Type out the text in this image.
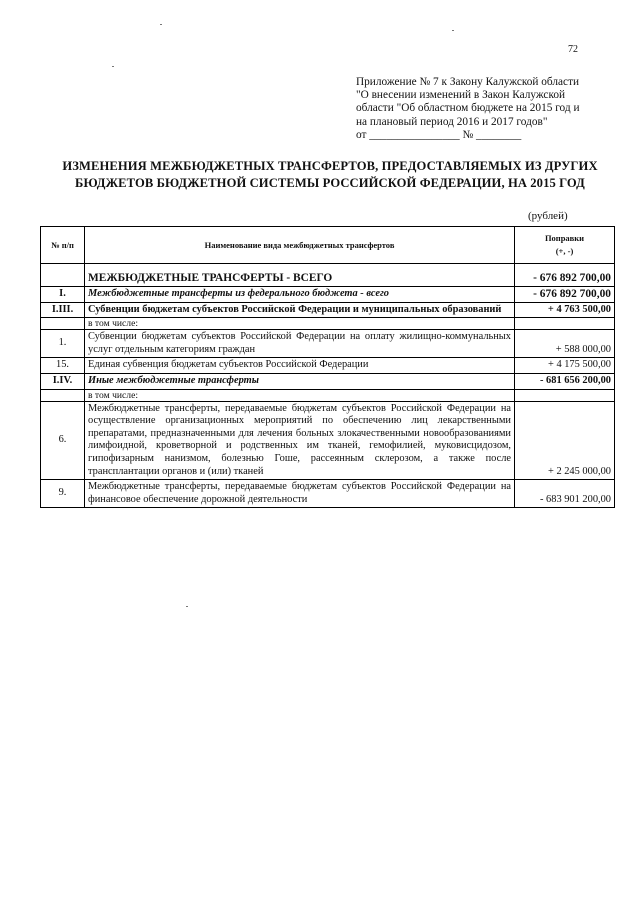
72
Приложение № 7 к Закону Калужской области
"О внесении изменений в Закон Калужской
области "Об областном бюджете на 2015 год и
на плановый период 2016 и 2017 годов"
от ________________ № ________
ИЗМЕНЕНИЯ МЕЖБЮДЖЕТНЫХ ТРАНСФЕРТОВ, ПРЕДОСТАВЛЯЕМЫХ ИЗ ДРУГИХ
БЮДЖЕТОВ БЮДЖЕТНОЙ СИСТЕМЫ РОССИЙСКОЙ ФЕДЕРАЦИИ, НА 2015 ГОД
(рублей)
№ п/п	Наименование вида межбюджетных трансфертов	Поправки
(+, -)

	МЕЖБЮДЖЕТНЫЕ ТРАНСФЕРТЫ - ВСЕГО	- 676 892 700,00
I.	Межбюджетные трансферты из федерального бюджета - всего	- 676 892 700,00
I.III.	Субвенции бюджетам субъектов Российской Федерации и муниципальных образований	+ 4 763 500,00
	в том числе:	
1.	Субвенции бюджетам субъектов Российской Федерации на оплату жилищно-коммунальных услуг отдельным категориям граждан	+ 588 000,00
15.	Единая субвенция бюджетам субъектов Российской Федерации	+ 4 175 500,00
I.IV.	Иные межбюджетные трансферты	- 681 656 200,00
	в том числе:	
6.	Межбюджетные трансферты, передаваемые бюджетам субъектов Российской Федерации на осуществление организационных мероприятий по обеспечению лиц лекарственными препаратами, предназначенными для лечения больных злокачественными новообразованиями лимфоидной, кроветворной и родственных им тканей, гемофилией, муковисцидозом, гипофизарным нанизмом, болезнью Гоше, рассеянным склерозом, а также после трансплантации органов и (или) тканей	+ 2 245 000,00
9.	Межбюджетные трансферты, передаваемые бюджетам субъектов Российской Федерации на финансовое обеспечение дорожной деятельности	- 683 901 200,00
